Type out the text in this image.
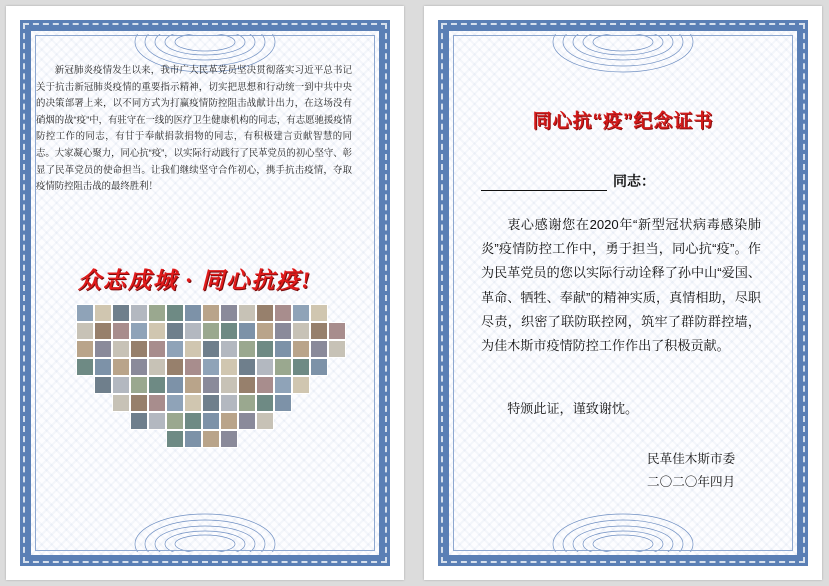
新冠肺炎疫情发生以来，我市广大民革党员坚决贯彻落实习近平总书记关于抗击新冠肺炎疫情的重要指示精神，切实把思想和行动统一到中共中央的决策部署上来，以不同方式为打赢疫情防控阻击战献计出力，在这场没有硝烟的战“疫”中，有驻守在一线的医疗卫生健康机构的同志，有志愿驰援疫情防控工作的同志，有甘于奉献捐款捐物的同志，有积极建言贡献智慧的同志。大家凝心聚力，同心抗“疫”，以实际行动践行了民革党员的初心坚守、彰显了民革党员的使命担当。让我们继续坚守合作初心，携手抗击疫情，夺取疫情防控阻击战的最终胜利！
众志成城 · 同心抗疫!
同心抗“疫”纪念证书
同志：
衷心感谢您在2020年“新型冠状病毒感染肺炎”疫情防控工作中，勇于担当，同心抗“疫”。作为民革党员的您以实际行动诠释了孙中山“爱国、革命、牺牲、奉献”的精神实质，真情相助，尽职尽责，织密了联防联控网，筑牢了群防群控墙，为佳木斯市疫情防控工作作出了积极贡献。
特颁此证，谨致谢忱。
民革佳木斯市委
二〇二〇年四月
